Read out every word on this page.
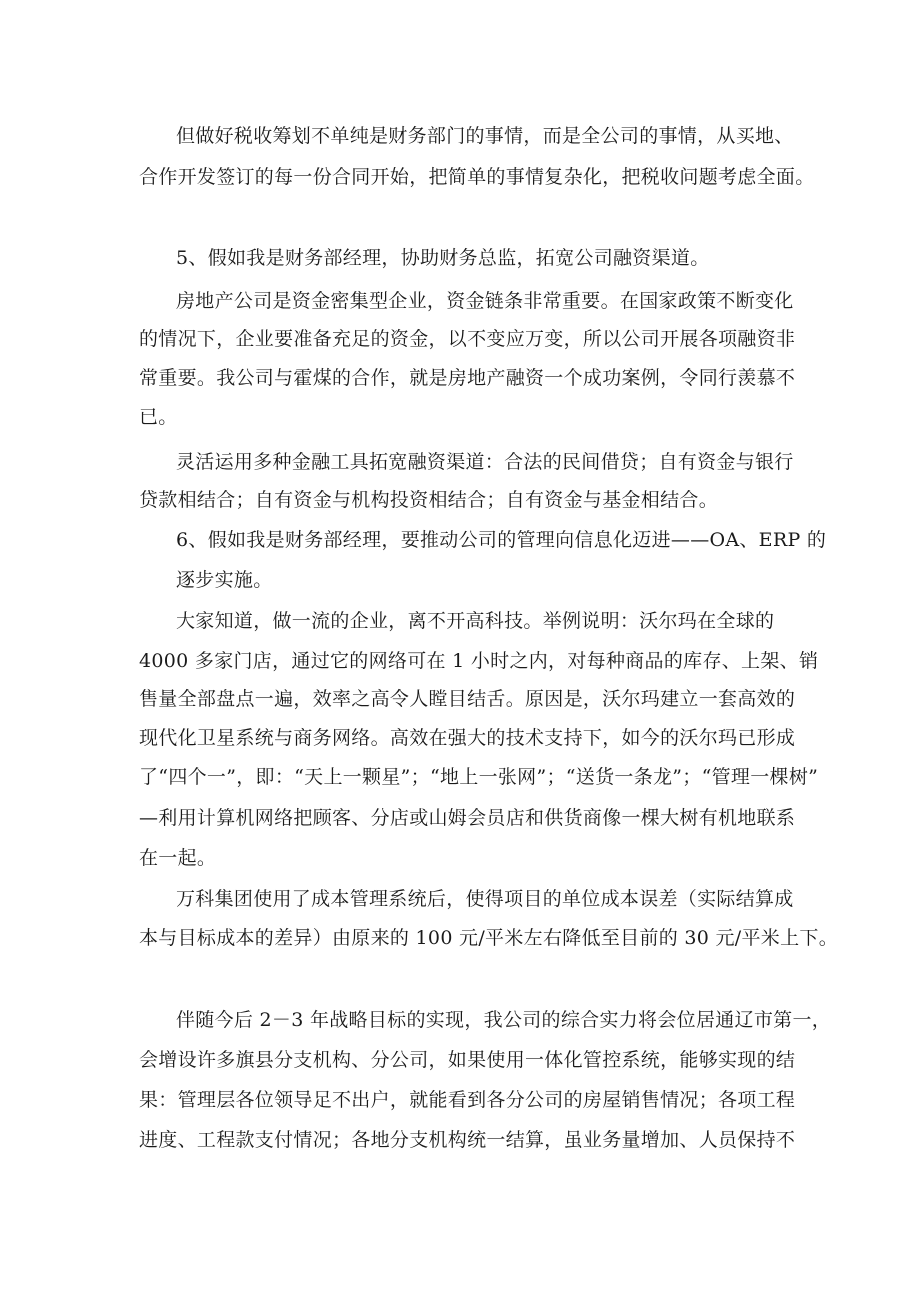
但做好税收筹划不单纯是财务部门的事情，而是全公司的事情，从买地、
合作开发签订的每一份合同开始，把简单的事情复杂化，把税收问题考虑全面。
5、假如我是财务部经理，协助财务总监，拓宽公司融资渠道。
房地产公司是资金密集型企业，资金链条非常重要。在国家政策不断变化
的情况下，企业要准备充足的资金，以不变应万变，所以公司开展各项融资非
常重要。我公司与霍煤的合作，就是房地产融资一个成功案例，令同行羡慕不
已。
灵活运用多种金融工具拓宽融资渠道：合法的民间借贷；自有资金与银行
贷款相结合；自有资金与机构投资相结合；自有资金与基金相结合。
6、假如我是财务部经理，要推动公司的管理向信息化迈进——OA、ERP 的
逐步实施。
大家知道，做一流的企业，离不开高科技。举例说明：沃尔玛在全球的
4000 多家门店，通过它的网络可在 1 小时之内，对每种商品的库存、上架、销
售量全部盘点一遍，效率之高令人瞠目结舌。原因是，沃尔玛建立一套高效的
现代化卫星系统与商务网络。高效在强大的技术支持下，如今的沃尔玛已形成
了“四个一”，即：“天上一颗星”；“地上一张网”；“送货一条龙”；“管理一棵树”
—利用计算机网络把顾客、分店或山姆会员店和供货商像一棵大树有机地联系
在一起。
万科集团使用了成本管理系统后，使得项目的单位成本误差（实际结算成
本与目标成本的差异）由原来的 100 元/平米左右降低至目前的 30 元/平米上下。
伴随今后 2－3 年战略目标的实现，我公司的综合实力将会位居通辽市第一，
会增设许多旗县分支机构、分公司，如果使用一体化管控系统，能够实现的结
果：管理层各位领导足不出户，就能看到各分公司的房屋销售情况；各项工程
进度、工程款支付情况；各地分支机构统一结算，虽业务量增加、人员保持不
